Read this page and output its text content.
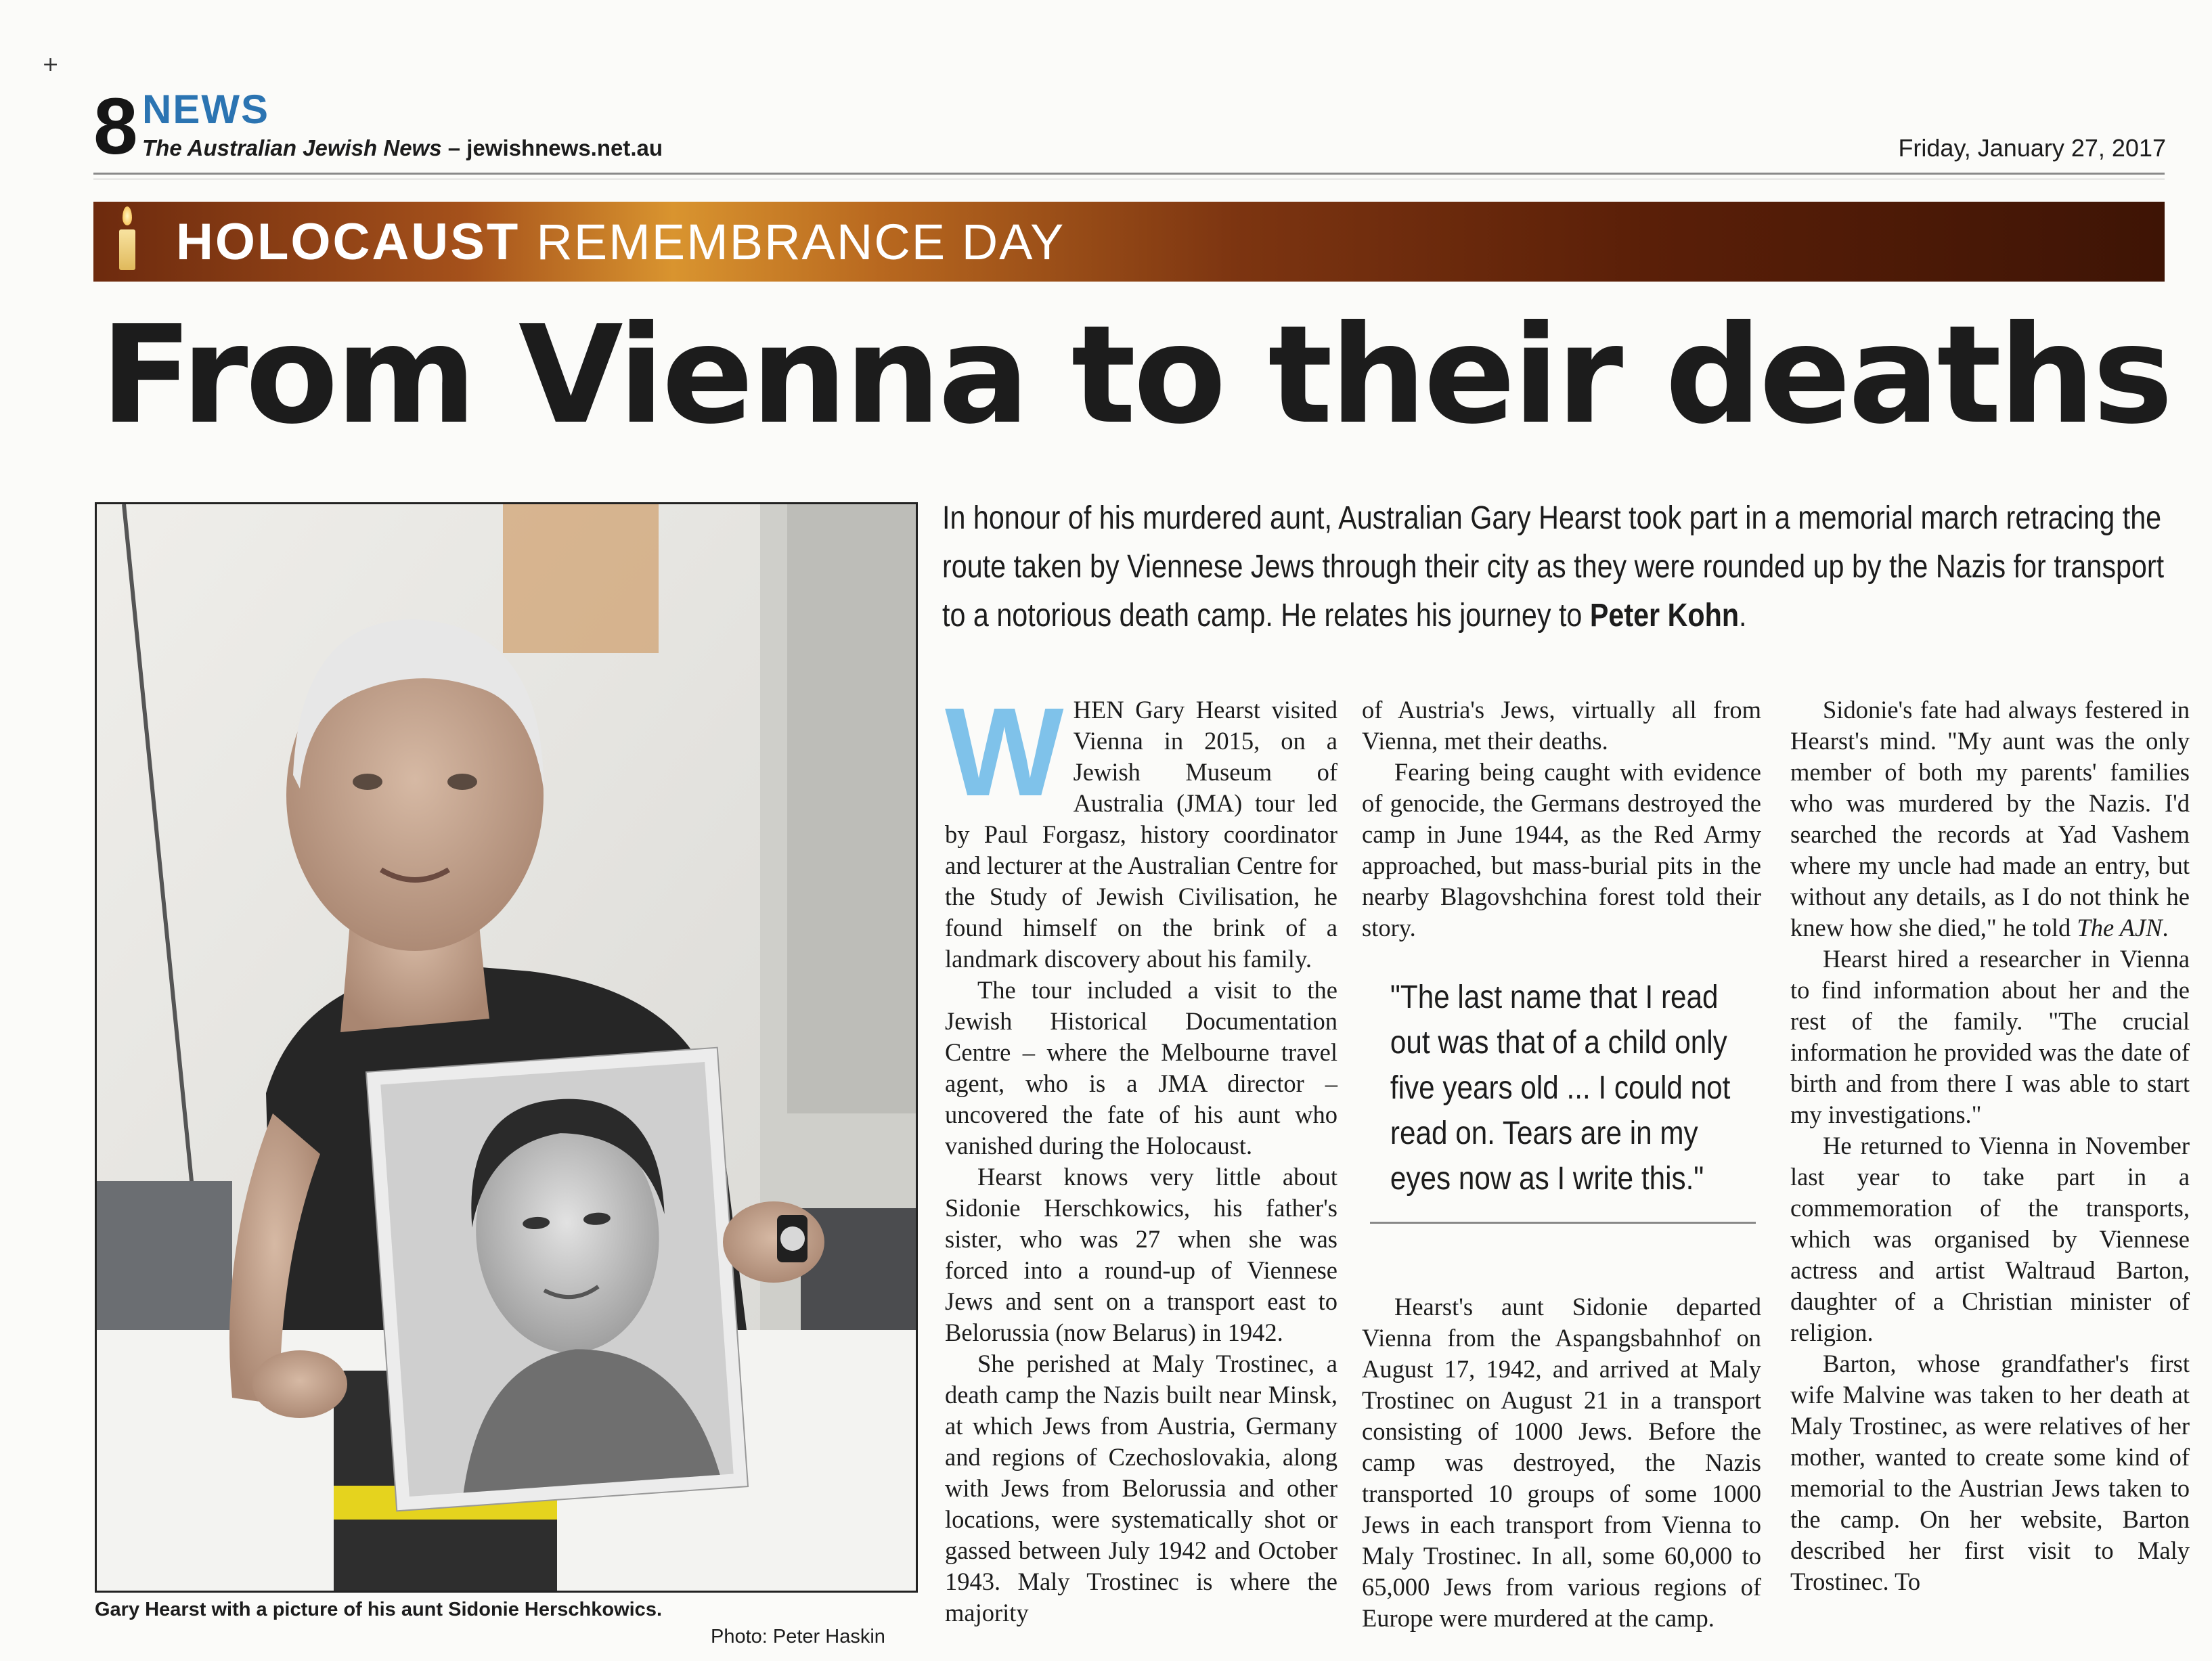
+
8 NEWS
The Australian Jewish News – jewishnews.net.au	Friday, January 27, 2017
HOLOCAUST REMEMBRANCE DAY
From Vienna to their deaths
Gary Hearst with a picture of his aunt Sidonie Herschkowics.
Photo: Peter Haskin
In honour of his murdered aunt, Australian Gary Hearst took part in a memorial march retracing the route taken by Viennese Jews through their city as they were rounded up by the Nazis for transport to a notorious death camp. He relates his journey to Peter Kohn.

WHEN Gary Hearst visited Vienna in 2015, on a Jewish Museum of Australia (JMA) tour led by Paul Forgasz, history coordinator and lecturer at the Australian Centre for the Study of Jewish Civilisation, he found himself on the brink of a landmark discovery about his family.

The tour included a visit to the Jewish Historical Documentation Centre – where the Melbourne travel agent, who is a JMA director – uncovered the fate of his aunt who vanished during the Holocaust.

Hearst knows very little about Sidonie Herschkowics, his father's sister, who was 27 when she was forced into a round-up of Viennese Jews and sent on a transport east to Belorussia (now Belarus) in 1942.

She perished at Maly Trostinec, a death camp the Nazis built near Minsk, at which Jews from Austria, Germany and regions of Czechoslovakia, along with Jews from Belorussia and other locations, were systematically shot or gassed between July 1942 and October 1943. Maly Trostinec is where the majority

of Austria's Jews, virtually all from Vienna, met their deaths.

Fearing being caught with evidence of genocide, the Germans destroyed the camp in June 1944, as the Red Army approached, but mass-burial pits in the nearby Blagovshchina forest told their story.

"The last name that I read out was that of a child only five years old ... I could not read on. Tears are in my eyes now as I write this."

Hearst's aunt Sidonie departed Vienna from the Aspangsbahnhof on August 17, 1942, and arrived at Maly Trostinec on August 21 in a transport consisting of 1000 Jews. Before the camp was destroyed, the Nazis transported 10 groups of some 1000 Jews in each transport from Vienna to Maly Trostinec. In all, some 60,000 to 65,000 Jews from various regions of Europe were murdered at the camp.

Sidonie's fate had always festered in Hearst's mind. "My aunt was the only member of both my parents' families who was murdered by the Nazis. I'd searched the records at Yad Vashem where my uncle had made an entry, but without any details, as I do not think he knew how she died," he told The AJN.

Hearst hired a researcher in Vienna to find information about her and the rest of the family. "The crucial information he provided was the date of birth and from there I was able to start my investigations."

He returned to Vienna in November last year to take part in a commemoration of the transports, which was organised by Viennese actress and artist Waltraud Barton, daughter of a Christian minister of religion.

Barton, whose grandfather's first wife Malvine was taken to her death at Maly Trostinec, as were relatives of her mother, wanted to create some kind of memorial to the Austrian Jews taken to the camp. On her website, Barton described her first visit to Maly Trostinec. To
